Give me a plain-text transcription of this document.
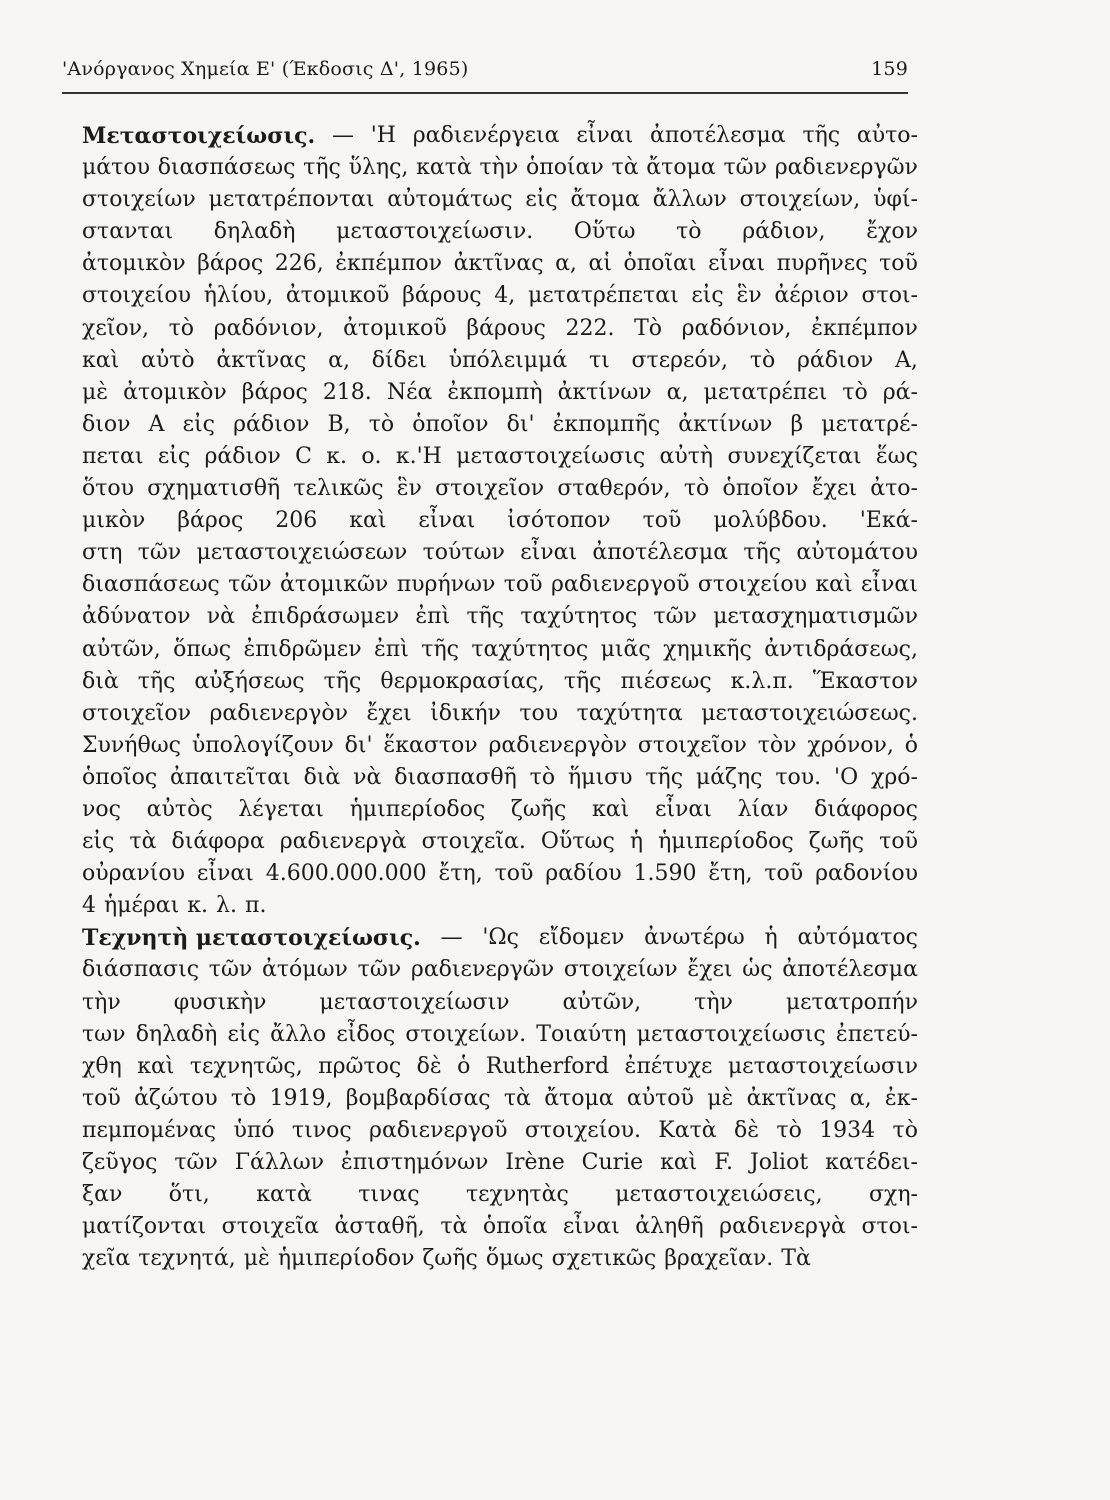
'Ανόργανος Χημεία Ε' (Έκδοσις Δ', 1965)	159
Μεταστοιχείωσις. — 'Η ραδιενέργεια εἶναι ἀποτέλεσμα τῆς αὐτο-
μάτου διασπάσεως τῆς ὕλης, κατὰ τὴν ὁποίαν τὰ ἄτομα τῶν ραδιενεργῶν
στοιχείων μετατρέπονται αὐτομάτως εἰς ἄτομα ἄλλων στοιχείων, ὑφί-
στανται δηλαδὴ μεταστοιχείωσιν. Οὕτω τὸ ράδιον, ἔχον
ἀτομικὸν βάρος 226, ἐκπέμπον ἀκτῖνας α, αἱ ὁποῖαι εἶναι πυρῆνες τοῦ
στοιχείου ἡλίου, ἀτομικοῦ βάρους 4, μετατρέπεται εἰς ἓν ἀέριον στοι-
χεῖον, τὸ ραδόνιον, ἀτομικοῦ βάρους 222. Τὸ ραδόνιον, ἐκπέμπον
καὶ αὐτὸ ἀκτῖνας α, δίδει ὑπόλειμμά τι στερεόν, τὸ ράδιον Α,
μὲ ἀτομικὸν βάρος 218. Νέα ἐκπομπὴ ἀκτίνων α, μετατρέπει τὸ ρά-
διον Α εἰς ράδιον Β, τὸ ὁποῖον δι' ἐκπομπῆς ἀκτίνων β μετατρέ-
πεται εἰς ράδιον C κ. ο. κ.'Η μεταστοιχείωσις αὐτὴ συνεχίζεται ἕως
ὅτου σχηματισθῆ τελικῶς ἓν στοιχεῖον σταθερόν, τὸ ὁποῖον ἔχει ἀτο-
μικὸν βάρος 206 καὶ εἶναι ἰσότοπον τοῦ μολύβδου. 'Εκά-
στη τῶν μεταστοιχειώσεων τούτων εἶναι ἀποτέλεσμα τῆς αὐτομάτου
διασπάσεως τῶν ἀτομικῶν πυρήνων τοῦ ραδιενεργοῦ στοιχείου καὶ εἶναι
ἀδύνατον νὰ ἐπιδράσωμεν ἐπὶ τῆς ταχύτητος τῶν μετασχηματισμῶν
αὐτῶν, ὅπως ἐπιδρῶμεν ἐπὶ τῆς ταχύτητος μιᾶς χημικῆς ἀντιδράσεως,
διὰ τῆς αὐξήσεως τῆς θερμοκρασίας, τῆς πιέσεως κ.λ.π. Ἕκαστον
στοιχεῖον ραδιενεργὸν ἔχει ἰδικήν του ταχύτητα μεταστοιχειώσεως.
Συνήθως ὑπολογίζουν δι' ἕκαστον ραδιενεργὸν στοιχεῖον τὸν χρόνον, ὁ
ὁποῖος ἀπαιτεῖται διὰ νὰ διασπασθῆ τὸ ἥμισυ τῆς μάζης του. 'Ο χρό-
νος αὐτὸς λέγεται ἡμιπερίοδος ζωῆς καὶ εἶναι λίαν διάφορος
εἰς τὰ διάφορα ραδιενεργὰ στοιχεῖα. Οὕτως ἡ ἡμιπερίοδος ζωῆς τοῦ
οὐρανίου εἶναι 4.600.000.000 ἔτη, τοῦ ραδίου 1.590 ἔτη, τοῦ ραδονίου
4 ἡμέραι κ. λ. π.
Τεχνητὴ μεταστοιχείωσις. — 'Ως εἴδομεν ἀνωτέρω ἡ αὐτόματος
διάσπασις τῶν ἀτόμων τῶν ραδιενεργῶν στοιχείων ἔχει ὡς ἀποτέλεσμα
τὴν φυσικὴν μεταστοιχείωσιν αὐτῶν, τὴν μετατροπήν
των δηλαδὴ εἰς ἄλλο εἶδος στοιχείων. Τοιαύτη μεταστοιχείωσις ἐπετεύ-
χθη καὶ τεχνητῶς, πρῶτος δὲ ὁ Rutherford ἐπέτυχε μεταστοιχείωσιν
τοῦ ἀζώτου τὸ 1919, βομβαρδίσας τὰ ἄτομα αὐτοῦ μὲ ἀκτῖνας α, ἐκ-
πεμπομένας ὑπό τινος ραδιενεργοῦ στοιχείου. Κατὰ δὲ τὸ 1934 τὸ
ζεῦγος τῶν Γάλλων ἐπιστημόνων Irène Curie καὶ F. Joliot κατέδει-
ξαν ὅτι, κατὰ τινας τεχνητὰς μεταστοιχειώσεις, σχη-
ματίζονται στοιχεῖα ἀσταθῆ, τὰ ὁποῖα εἶναι ἀληθῆ ραδιενεργὰ στοι-
χεῖα τεχνητά, μὲ ἡμιπερίοδον ζωῆς ὅμως σχετικῶς βραχεῖαν. Τὰ
